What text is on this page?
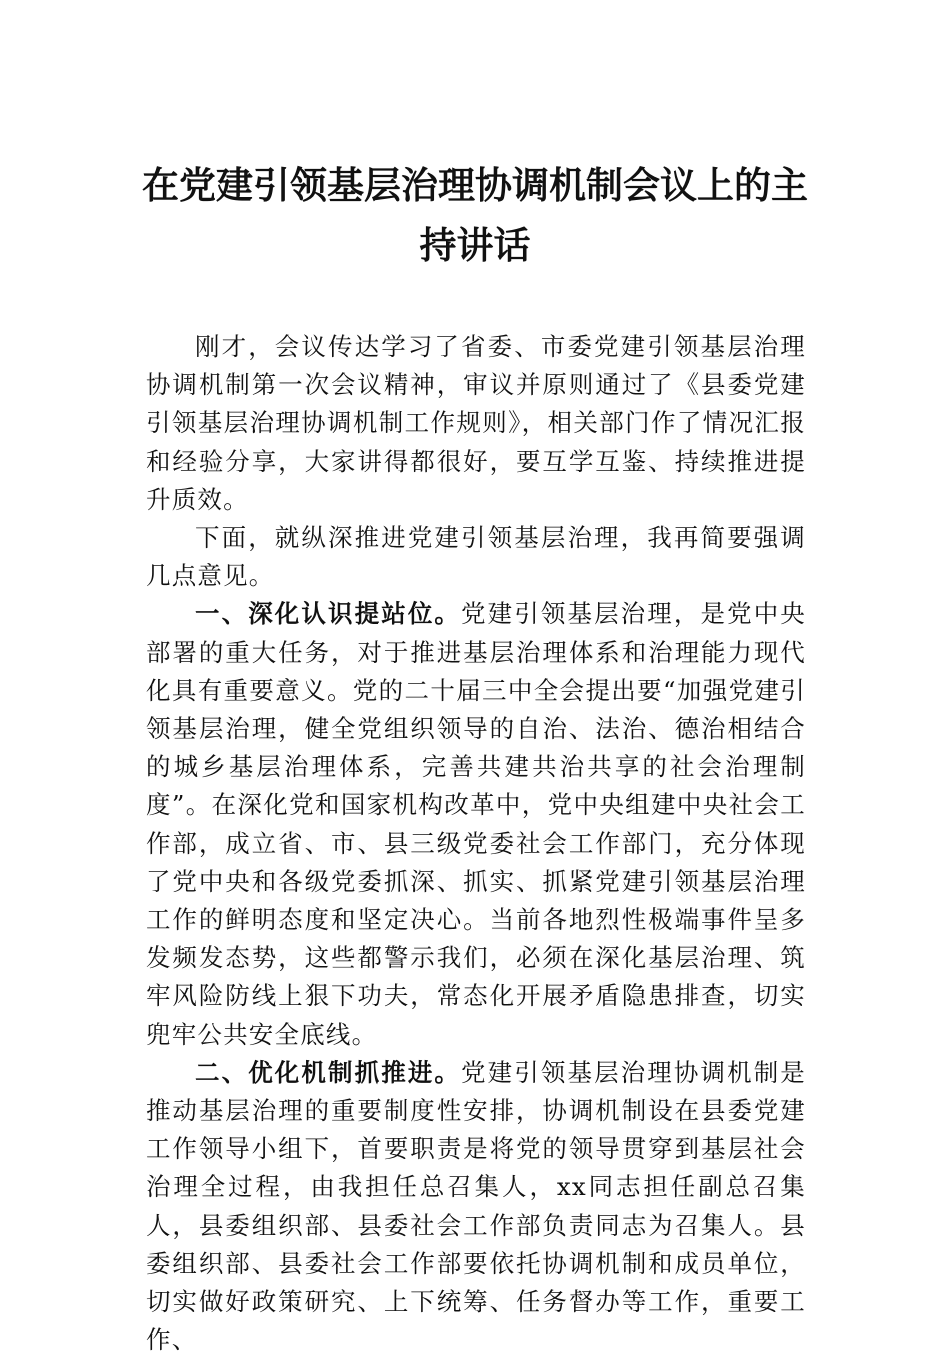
在党建引领基层治理协调机制会议上的主持讲话

刚才，会议传达学习了省委、市委党建引领基层治理协调机制第一次会议精神，审议并原则通过了《县委党建引领基层治理协调机制工作规则》，相关部门作了情况汇报和经验分享，大家讲得都很好，要互学互鉴、持续推进提升质效。

下面，就纵深推进党建引领基层治理，我再简要强调几点意见。

一、深化认识提站位。党建引领基层治理，是党中央部署的重大任务，对于推进基层治理体系和治理能力现代化具有重要意义。党的二十届三中全会提出要“加强党建引领基层治理，健全党组织领导的自治、法治、德治相结合的城乡基层治理体系，完善共建共治共享的社会治理制度”。在深化党和国家机构改革中，党中央组建中央社会工作部，成立省、市、县三级党委社会工作部门，充分体现了党中央和各级党委抓深、抓实、抓紧党建引领基层治理工作的鲜明态度和坚定决心。当前各地烈性极端事件呈多发频发态势，这些都警示我们，必须在深化基层治理、筑牢风险防线上狠下功夫，常态化开展矛盾隐患排查，切实兜牢公共安全底线。

二、优化机制抓推进。党建引领基层治理协调机制是推动基层治理的重要制度性安排，协调机制设在县委党建工作领导小组下，首要职责是将党的领导贯穿到基层社会治理全过程，由我担任总召集人，xx同志担任副总召集人，县委组织部、县委社会工作部负责同志为召集人。县委组织部、县委社会工作部要依托协调机制和成员单位，切实做好政策研究、上下统筹、任务督办等工作，重要工作、
